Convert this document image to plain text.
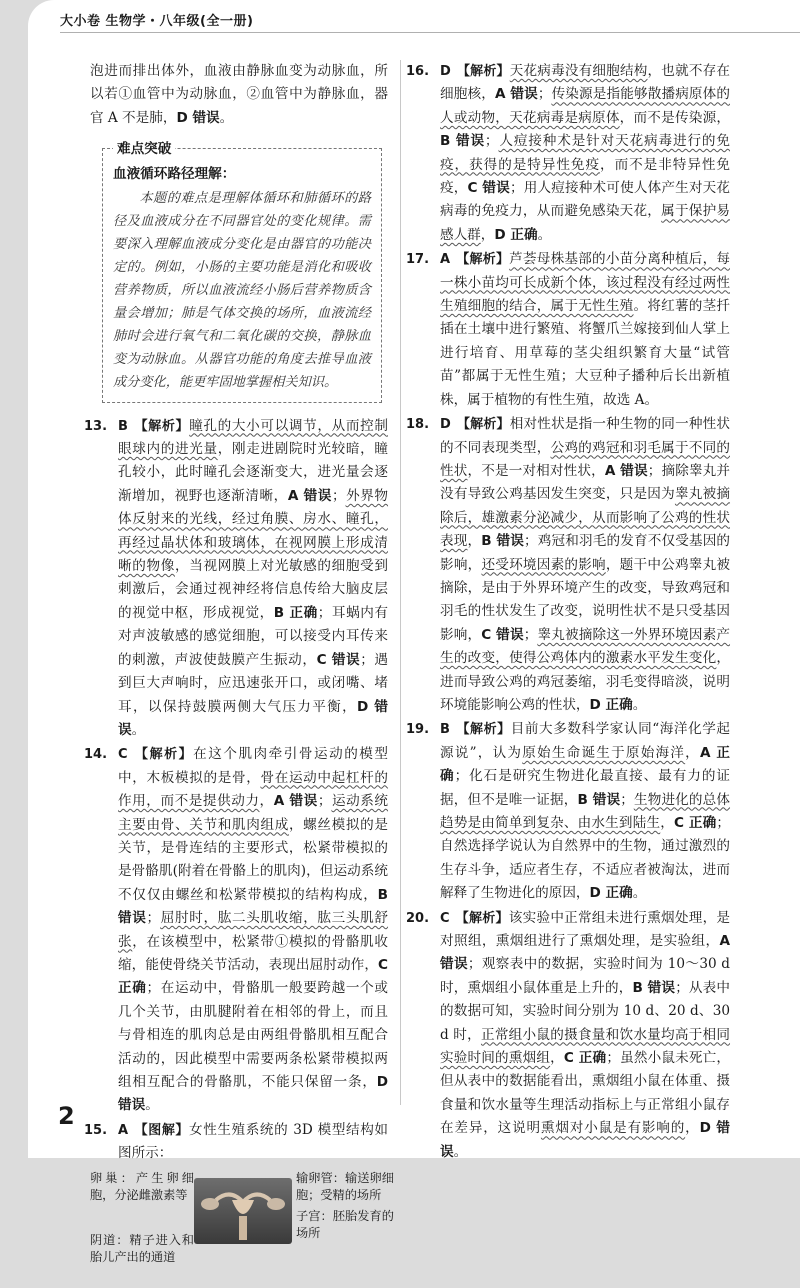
大小卷 生物学・八年级(全一册)
泡进而排出体外，血液由静脉血变为动脉血，所以若①血管中为动脉血，②血管中为静脉血，器官 A 不是肺，D 错误。
难点突破
血液循环路径理解：

本题的难点是理解体循环和肺循环的路径及血液成分在不同器官处的变化规律。需要深入理解血液成分变化是由器官的功能决定的。例如，小肠的主要功能是消化和吸收营养物质，所以血液流经小肠后营养物质含量会增加；肺是气体交换的场所，血液流经肺时会进行氧气和二氧化碳的交换，静脉血变为动脉血。从器官功能的角度去推导血液成分变化，能更牢固地掌握相关知识。

13. B 【解析】瞳孔的大小可以调节，从而控制眼球内的进光量，刚走进剧院时光较暗，瞳孔较小，此时瞳孔会逐渐变大，进光量会逐渐增加，视野也逐渐清晰，A 错误；外界物体反射来的光线，经过角膜、房水、瞳孔，再经过晶状体和玻璃体，在视网膜上形成清晰的物像，当视网膜上对光敏感的细胞受到刺激后，会通过视神经将信息传给大脑皮层的视觉中枢，形成视觉，B 正确；耳蜗内有对声波敏感的感觉细胞，可以接受内耳传来的刺激，声波使鼓膜产生振动，C 错误；遇到巨大声响时，应迅速张开口，或闭嘴、堵耳，以保持鼓膜两侧大气压力平衡，D 错误。
14. C 【解析】在这个肌肉牵引骨运动的模型中，木板模拟的是骨，骨在运动中起杠杆的作用，而不是提供动力，A 错误；运动系统主要由骨、关节和肌肉组成，螺丝模拟的是关节，是骨连结的主要形式，松紧带模拟的是骨骼肌(附着在骨骼上的肌肉)，但运动系统不仅仅由螺丝和松紧带模拟的结构构成，B 错误；屈肘时，肱二头肌收缩，肱三头肌舒张，在该模型中，松紧带①模拟的骨骼肌收缩，能使骨绕关节活动，表现出屈肘动作，C 正确；在运动中，骨骼肌一般要跨越一个或几个关节，由肌腱附着在相邻的骨上，而且与骨相连的肌肉总是由两组骨骼肌相互配合活动的，因此模型中需要两条松紧带模拟两组相互配合的骨骼肌，不能只保留一条，D 错误。
15. A 【图解】女性生殖系统的 3D 模型结构如图所示：
卵巢：产生卵细胞，分泌雌激素等
阴道：精子进入和胎儿产出的通道
输卵管：输送卵细胞；受精的场所
子宫：胚胎发育的场所
16. D 【解析】天花病毒没有细胞结构，也就不存在细胞核，A 错误；传染源是指能够散播病原体的人或动物，天花病毒是病原体，而不是传染源，B 错误；人痘接种术是针对天花病毒进行的免疫，获得的是特异性免疫，而不是非特异性免疫，C 错误；用人痘接种术可使人体产生对天花病毒的免疫力，从而避免感染天花，属于保护易感人群，D 正确。
17. A 【解析】芦荟母株基部的小苗分离种植后，每一株小苗均可长成新个体，该过程没有经过两性生殖细胞的结合，属于无性生殖。将红薯的茎扦插在土壤中进行繁殖、将蟹爪兰嫁接到仙人掌上进行培育、用草莓的茎尖组织繁育大量“试管苗”都属于无性生殖；大豆种子播种后长出新植株，属于植物的有性生殖，故选 A。
18. D 【解析】相对性状是指一种生物的同一种性状的不同表现类型，公鸡的鸡冠和羽毛属于不同的性状，不是一对相对性状，A 错误；摘除睾丸并没有导致公鸡基因发生突变，只是因为睾丸被摘除后，雄激素分泌减少，从而影响了公鸡的性状表现，B 错误；鸡冠和羽毛的发育不仅受基因的影响，还受环境因素的影响，题干中公鸡睾丸被摘除，是由于外界环境产生的改变，导致鸡冠和羽毛的性状发生了改变，说明性状不是只受基因影响，C 错误；睾丸被摘除这一外界环境因素产生的改变，使得公鸡体内的激素水平发生变化，进而导致公鸡的鸡冠萎缩，羽毛变得暗淡，说明环境能影响公鸡的性状，D 正确。
19. B 【解析】目前大多数科学家认同“海洋化学起源说”，认为原始生命诞生于原始海洋，A 正确；化石是研究生物进化最直接、最有力的证据，但不是唯一证据，B 错误；生物进化的总体趋势是由简单到复杂、由水生到陆生，C 正确；自然选择学说认为自然界中的生物，通过激烈的生存斗争，适应者生存，不适应者被淘汰，进而解释了生物进化的原因，D 正确。
20. C 【解析】该实验中正常组未进行熏烟处理，是对照组，熏烟组进行了熏烟处理，是实验组，A 错误；观察表中的数据，实验时间为 10～30 d 时，熏烟组小鼠体重是上升的，B 错误；从表中的数据可知，实验时间分别为 10 d、20 d、30 d 时，正常组小鼠的摄食量和饮水量均高于相同实验时间的熏烟组，C 正确；虽然小鼠未死亡，但从表中的数据能看出，熏烟组小鼠在体重、摄食量和饮水量等生理活动指标上与正常组小鼠存在差异，这说明熏烟对小鼠是有影响的，D 错误。
2
